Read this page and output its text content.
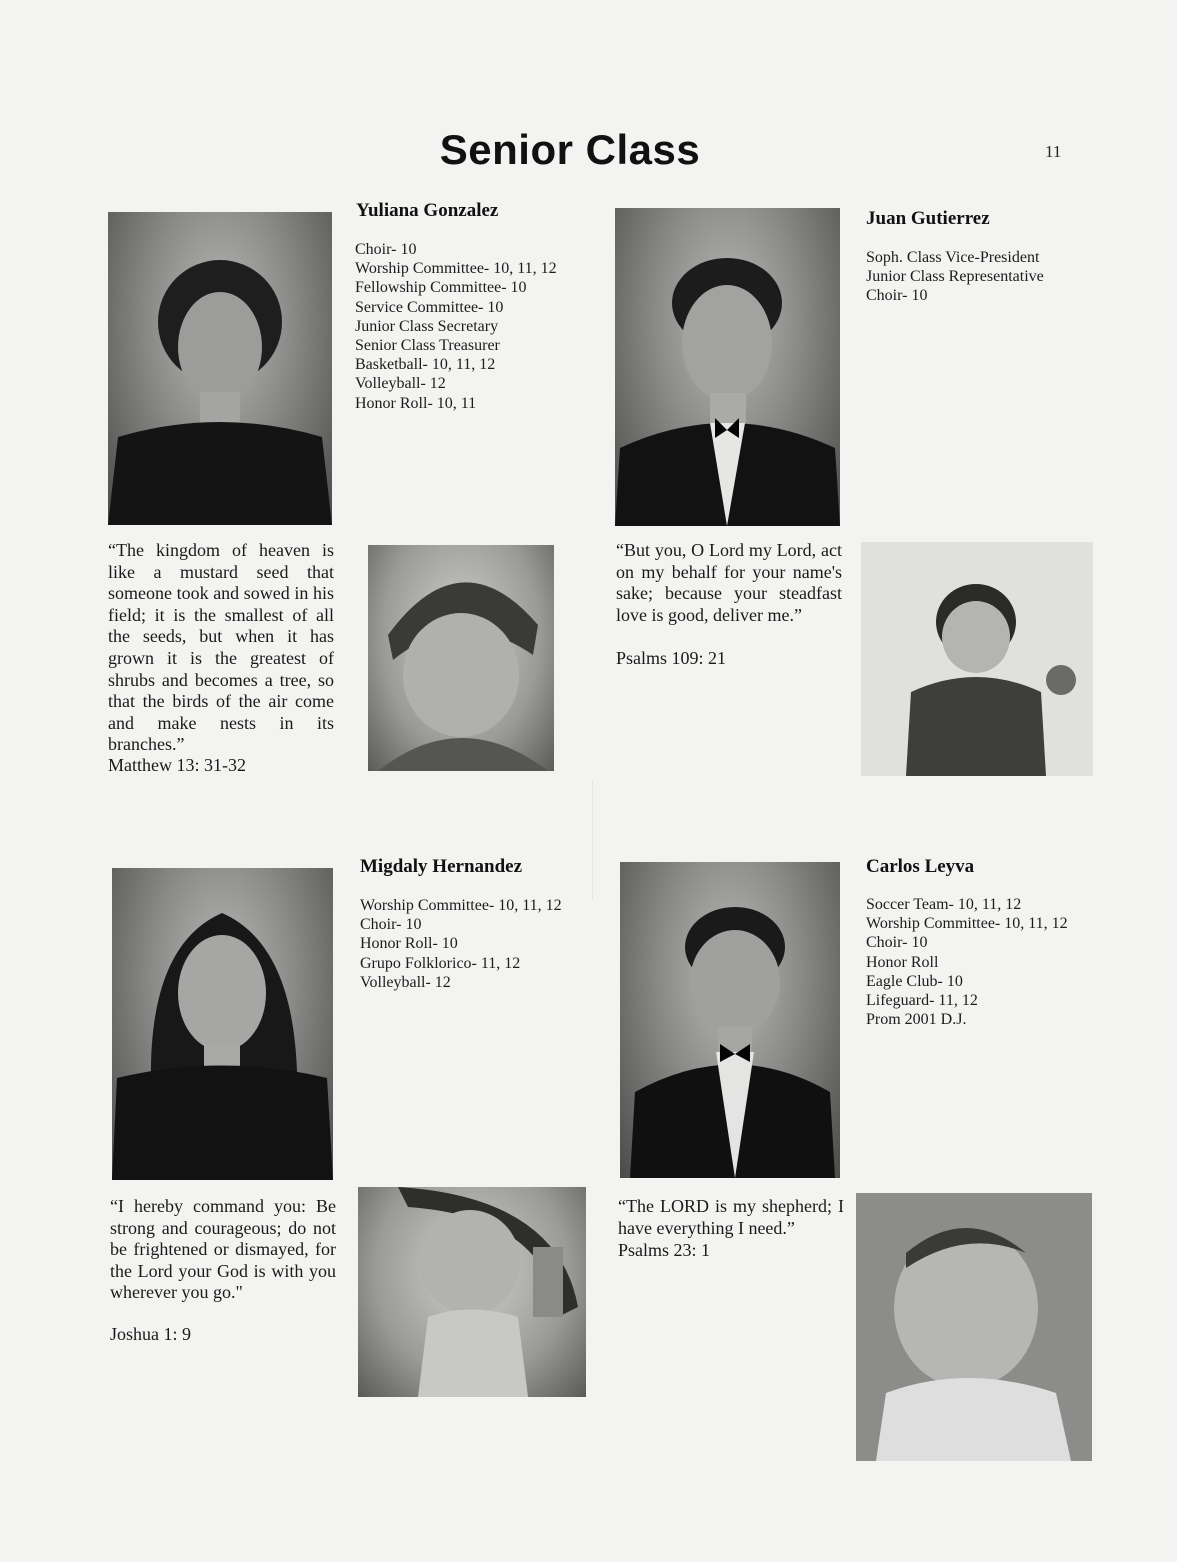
Senior Class	11
Yuliana Gonzalez
Choir- 10
Worship Committee- 10, 11, 12
Fellowship Committee- 10
Service Committee- 10
Junior Class Secretary
Senior Class Treasurer
Basketball- 10, 11, 12
Volleyball- 12
Honor Roll- 10, 11

“The kingdom of heaven is like a mustard seed that someone took and sowed in his field; it is the smallest of all the seeds, but when it has grown it is the greatest of shrubs and becomes a tree, so that the birds of the air come and make nests in its branches.”

Matthew 13: 31-32

Juan Gutierrez
Soph. Class Vice-President
Junior Class Representative
Choir- 10

“But you, O Lord my Lord, act on my behalf for your name's sake; because your steadfast love is good, deliver me.”

Psalms 109: 21

Migdaly Hernandez
Worship Committee- 10, 11, 12
Choir- 10
Honor Roll- 10
Grupo Folklorico- 11, 12
Volleyball- 12

“I hereby command you: Be strong and courageous; do not be frightened or dismayed, for the Lord your God is with you wherever you go."

Joshua 1: 9

Carlos Leyva
Soccer Team- 10, 11, 12
Worship Committee- 10, 11, 12
Choir- 10
Honor Roll
Eagle Club- 10
Lifeguard- 11, 12
Prom 2001 D.J.

“The LORD is my shepherd; I have everything I need.”

Psalms 23: 1
